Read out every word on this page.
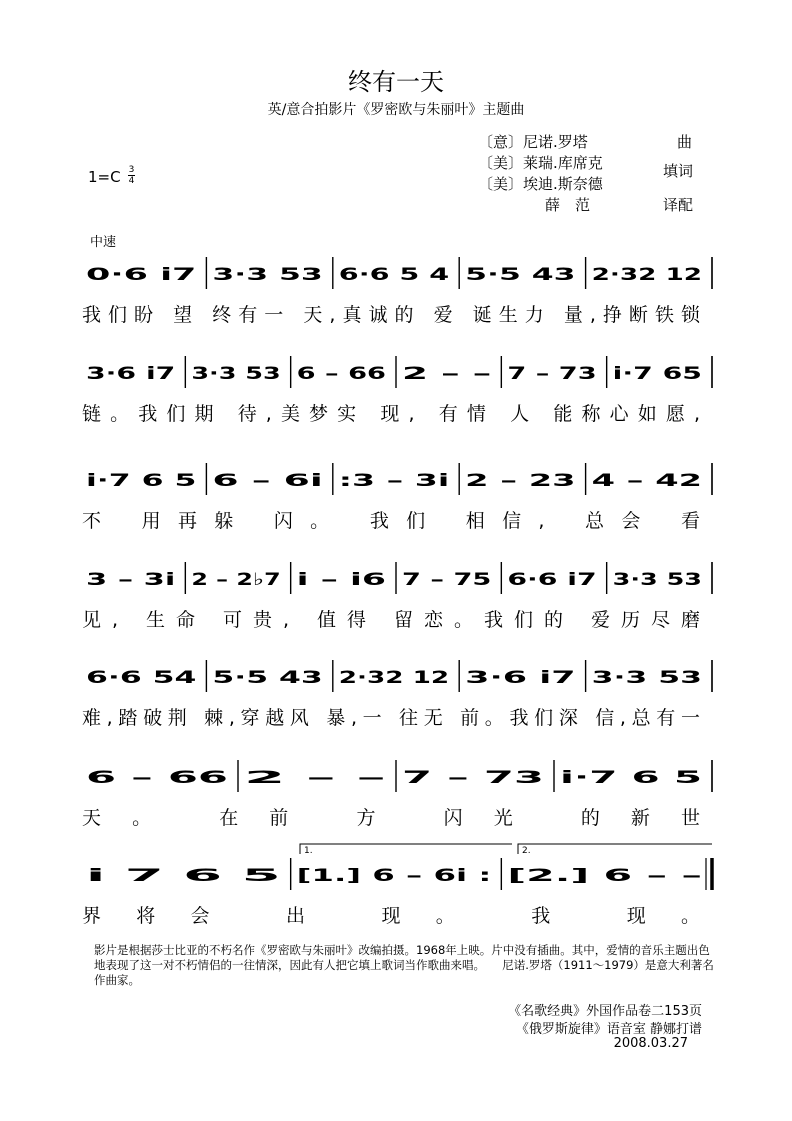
终有一天
英/意合拍影片《罗密欧与朱丽叶》主题曲
〔意〕尼诺.罗塔	曲
〔美〕莱瑞.库席克	填词
〔美〕埃迪.斯奈德
薛　范	译配
1=C 3
4
中速
0·6 i7 3·3 53 6·6 5 4 5·5 43 2·32 12
我们盼 望 终有一 天,真诚的 爱 诞生力 量,挣断铁锁
3·6 i7 3·3 53 6 – 66 2 – – 7 – 73 i·7 65
链。我们期 待,美梦实 现, 有情 人 能称心如愿,
i·7 6 5 6 – 6i :3 – 3i 2 – 23 4 – 42
不 用再躲 闪。 我们 相信, 总会 看
3 – 3i 2 – 2♭7 i – i6 7 – 75 6·6 i7 3·3 53
见, 生命 可贵, 值得 留恋。我们的 爱历尽磨
6·6 54 5·5 43 2·32 12 3·6 i7 3·3 53
难,踏破荆 棘,穿越风 暴,一 往无 前。我们深 信,总有一
6 – 66 2 – – 7 – 73 i·7 6 5
天。 在前 方 闪光 的新世
i 7 6 5 [1.] 6 – 6i : [2.] 6 – –
1.	2.
界将会 出 现。 我 现。
影片是根据莎士比亚的不朽名作《罗密欧与朱丽叶》改编拍摄。1968年上映。片中没有插曲。其中，爱情的音乐主题出色地表现了这一对不朽情侣的一往情深，因此有人把它填上歌词当作歌曲来唱。　　尼诺.罗塔（1911～1979）是意大利著名作曲家。
《名歌经典》外国作品卷二153页
《俄罗斯旋律》语音室 静娜打谱
2008.03.27
